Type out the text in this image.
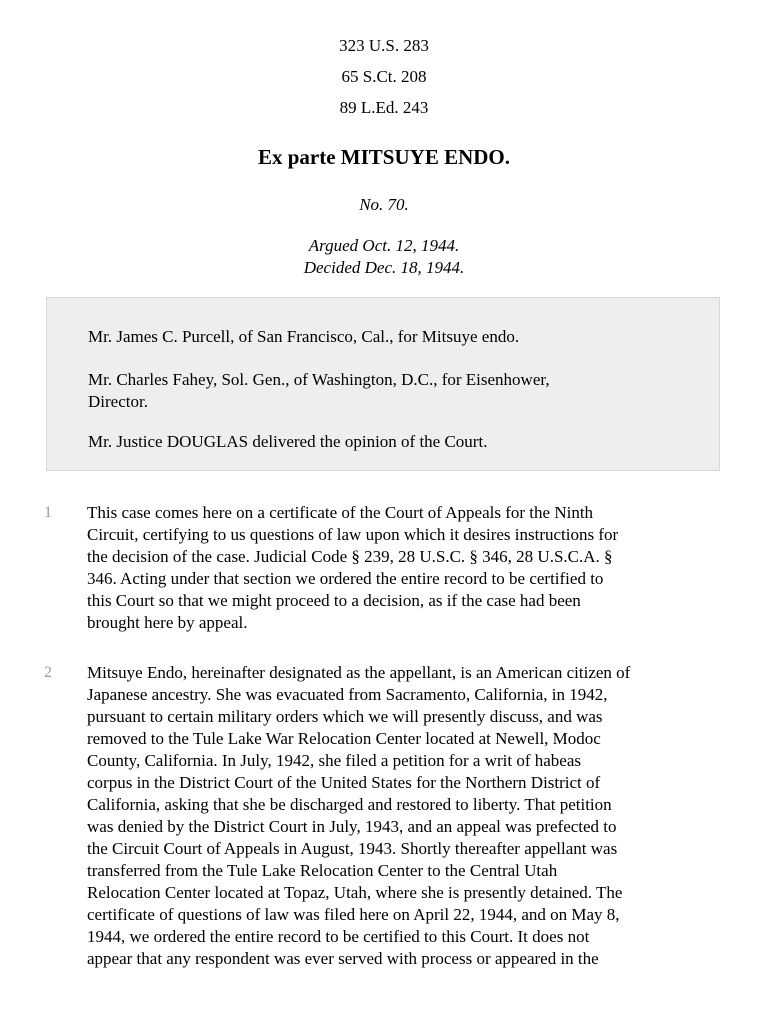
323 U.S. 283
65 S.Ct. 208
89 L.Ed. 243
Ex parte MITSUYE ENDO.
No. 70.
Argued Oct. 12, 1944.
Decided Dec. 18, 1944.
Mr. James C. Purcell, of San Francisco, Cal., for Mitsuye endo.
Mr. Charles Fahey, Sol. Gen., of Washington, D.C., for Eisenhower,
Director.
Mr. Justice DOUGLAS delivered the opinion of the Court.
1	This case comes here on a certificate of the Court of Appeals for the Ninth
Circuit, certifying to us questions of law upon which it desires instructions for
the decision of the case. Judicial Code § 239, 28 U.S.C. § 346, 28 U.S.C.A. §
346. Acting under that section we ordered the entire record to be certified to
this Court so that we might proceed to a decision, as if the case had been
brought here by appeal.
2	Mitsuye Endo, hereinafter designated as the appellant, is an American citizen of
Japanese ancestry. She was evacuated from Sacramento, California, in 1942,
pursuant to certain military orders which we will presently discuss, and was
removed to the Tule Lake War Relocation Center located at Newell, Modoc
County, California. In July, 1942, she filed a petition for a writ of habeas
corpus in the District Court of the United States for the Northern District of
California, asking that she be discharged and restored to liberty. That petition
was denied by the District Court in July, 1943, and an appeal was prefected to
the Circuit Court of Appeals in August, 1943. Shortly thereafter appellant was
transferred from the Tule Lake Relocation Center to the Central Utah
Relocation Center located at Topaz, Utah, where she is presently detained. The
certificate of questions of law was filed here on April 22, 1944, and on May 8,
1944, we ordered the entire record to be certified to this Court. It does not
appear that any respondent was ever served with process or appeared in the
